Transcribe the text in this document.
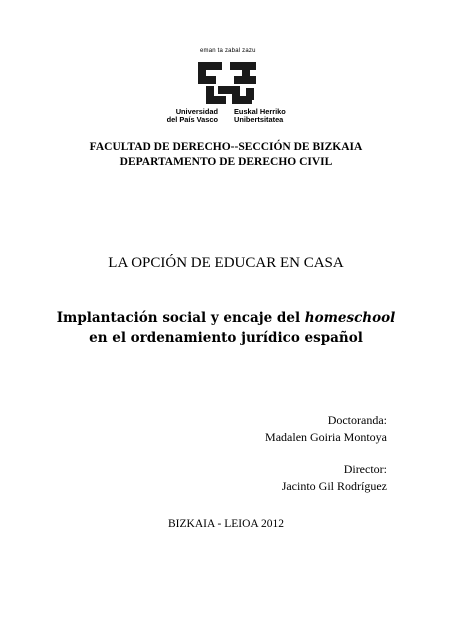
eman ta zabal zazu
Universidad
del País Vasco
Euskal Herriko
Unibertsitatea
FACULTAD DE DERECHO--SECCIÓN DE BIZKAIA
DEPARTAMENTO DE DERECHO CIVIL
LA OPCIÓN DE EDUCAR EN CASA
Implantación social y encaje del homeschool
en el ordenamiento jurídico español
Doctoranda:
Madalen Goiria Montoya
Director:
Jacinto Gil Rodríguez
BIZKAIA - LEIOA 2012
